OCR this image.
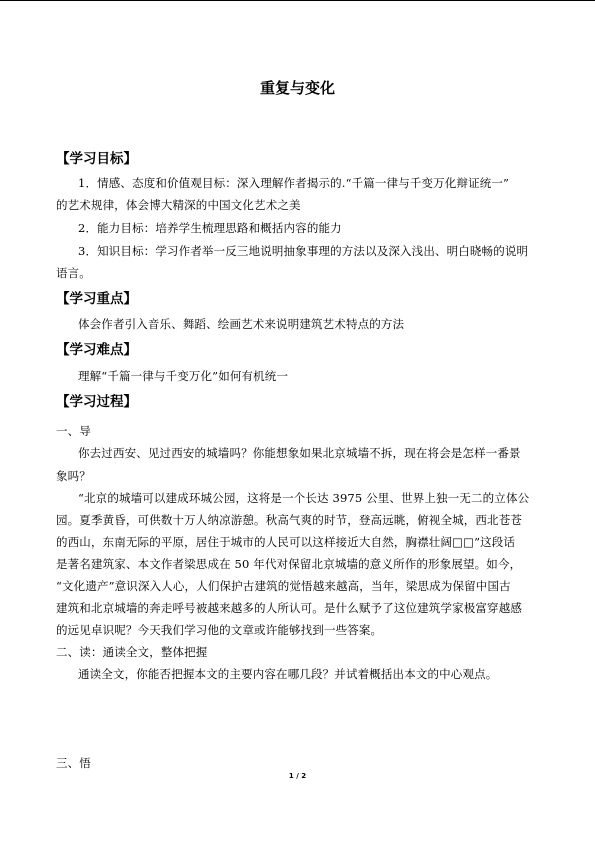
重复与变化
【学习目标】
1．情感、态度和价值观目标：深入理解作者揭示的.“千篇一律与千变万化辩证统一”
的艺术规律，体会博大精深的中国文化艺术之美
2．能力目标：培养学生梳理思路和概括内容的能力
3．知识目标：学习作者举一反三地说明抽象事理的方法以及深入浅出、明白晓畅的说明
语言。
【学习重点】
体会作者引入音乐、舞蹈、绘画艺术来说明建筑艺术特点的方法
【学习难点】
理解“千篇一律与千变万化”如何有机统一
【学习过程】
一、导
你去过西安、见过西安的城墙吗？你能想象如果北京城墙不拆，现在将会是怎样一番景
象吗？
“北京的城墙可以建成环城公园，这将是一个长达 3975 公里、世界上独一无二的立体公
园。夏季黄昏，可供数十万人纳凉游憩。秋高气爽的时节，登高远眺，俯视全城，西北苍苍
的西山，东南无际的平原，居住于城市的人民可以这样接近大自然，胸襟壮阔□□”这段话
是著名建筑家、本文作者梁思成在 50 年代对保留北京城墙的意义所作的形象展望。如今，
“文化遗产”意识深入人心，人们保护古建筑的觉悟越来越高，当年，梁思成为保留中国古
建筑和北京城墙的奔走呼号被越来越多的人所认可。是什么赋予了这位建筑学家极富穿越感
的远见卓识呢？今天我们学习他的文章或许能够找到一些答案。
二、读：通读全文，整体把握
通读全文，你能否把握本文的主要内容在哪几段？并试着概括出本文的中心观点。
三、悟
1 / 2
